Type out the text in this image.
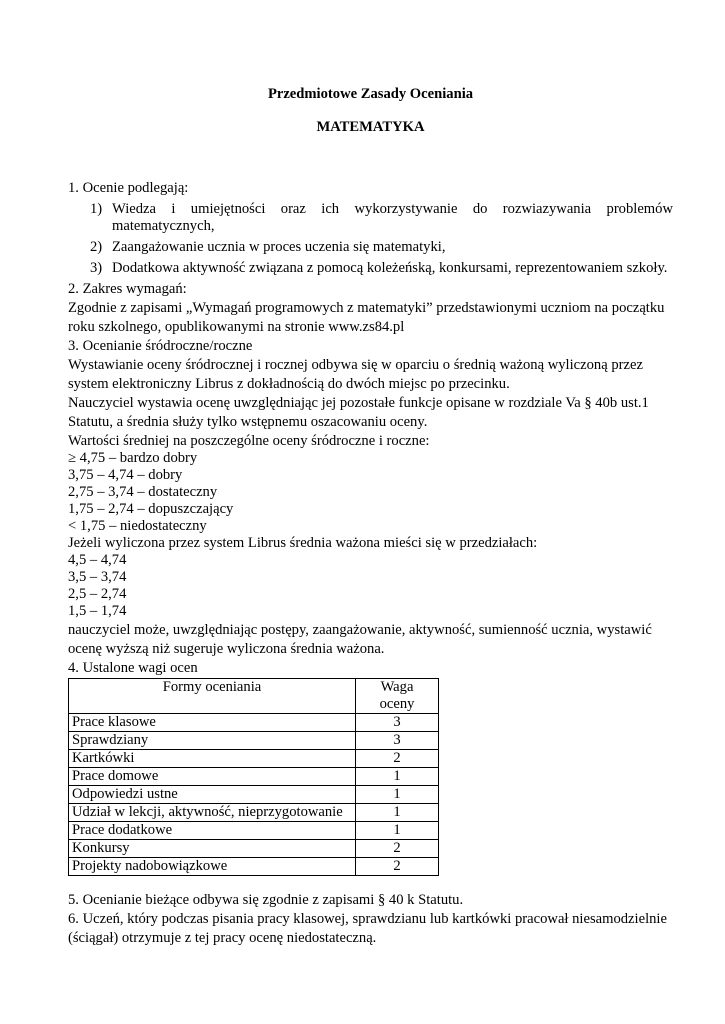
Przedmiotowe Zasady Oceniania

MATEMATYKA

1. Ocenie podlegają:

1) Wiedza i umiejętności oraz ich wykorzystywanie do rozwiazywania problemów
matematycznych,
2) Zaangażowanie ucznia w proces uczenia się matematyki,
3) Dodatkowa aktywność związana z pomocą koleżeńską, konkursami, reprezentowaniem szkoły.

2. Zakres wymagań:

Zgodnie z zapisami „Wymagań programowych z matematyki” przedstawionymi uczniom na początku

roku szkolnego, opublikowanymi na stronie www.zs84.pl

3. Ocenianie śródroczne/roczne

Wystawianie oceny śródrocznej i rocznej odbywa się w oparciu o średnią ważoną wyliczoną przez

system elektroniczny Librus z dokładnością do dwóch miejsc po przecinku.

Nauczyciel wystawia ocenę uwzględniając jej pozostałe funkcje opisane w rozdziale Va § 40b ust.1

Statutu, a średnia służy tylko wstępnemu oszacowaniu oceny.

Wartości średniej na poszczególne oceny śródroczne i roczne:

≥ 4,75 – bardzo dobry

3,75 – 4,74 – dobry

2,75 – 3,74 – dostateczny

1,75 – 2,74 – dopuszczający

< 1,75 – niedostateczny

Jeżeli wyliczona przez system Librus średnia ważona mieści się w przedziałach:

4,5 – 4,74

3,5 – 3,74

2,5 – 2,74

1,5 – 1,74

nauczyciel może, uwzględniając postępy, zaangażowanie, aktywność, sumienność ucznia, wystawić

ocenę wyższą niż sugeruje wyliczona średnia ważona.

4. Ustalone wagi ocen

Formy oceniania	Waga
oceny

Prace klasowe	3
Sprawdziany	3
Kartkówki	2
Prace domowe	1
Odpowiedzi ustne	1
Udział w lekcji, aktywność, nieprzygotowanie	1
Prace dodatkowe	1
Konkursy	2
Projekty nadobowiązkowe	2

5. Ocenianie bieżące odbywa się zgodnie z zapisami § 40 k Statutu.

6. Uczeń, który podczas pisania pracy klasowej, sprawdzianu lub kartkówki pracował niesamodzielnie

(ściągał) otrzymuje z tej pracy ocenę niedostateczną.
